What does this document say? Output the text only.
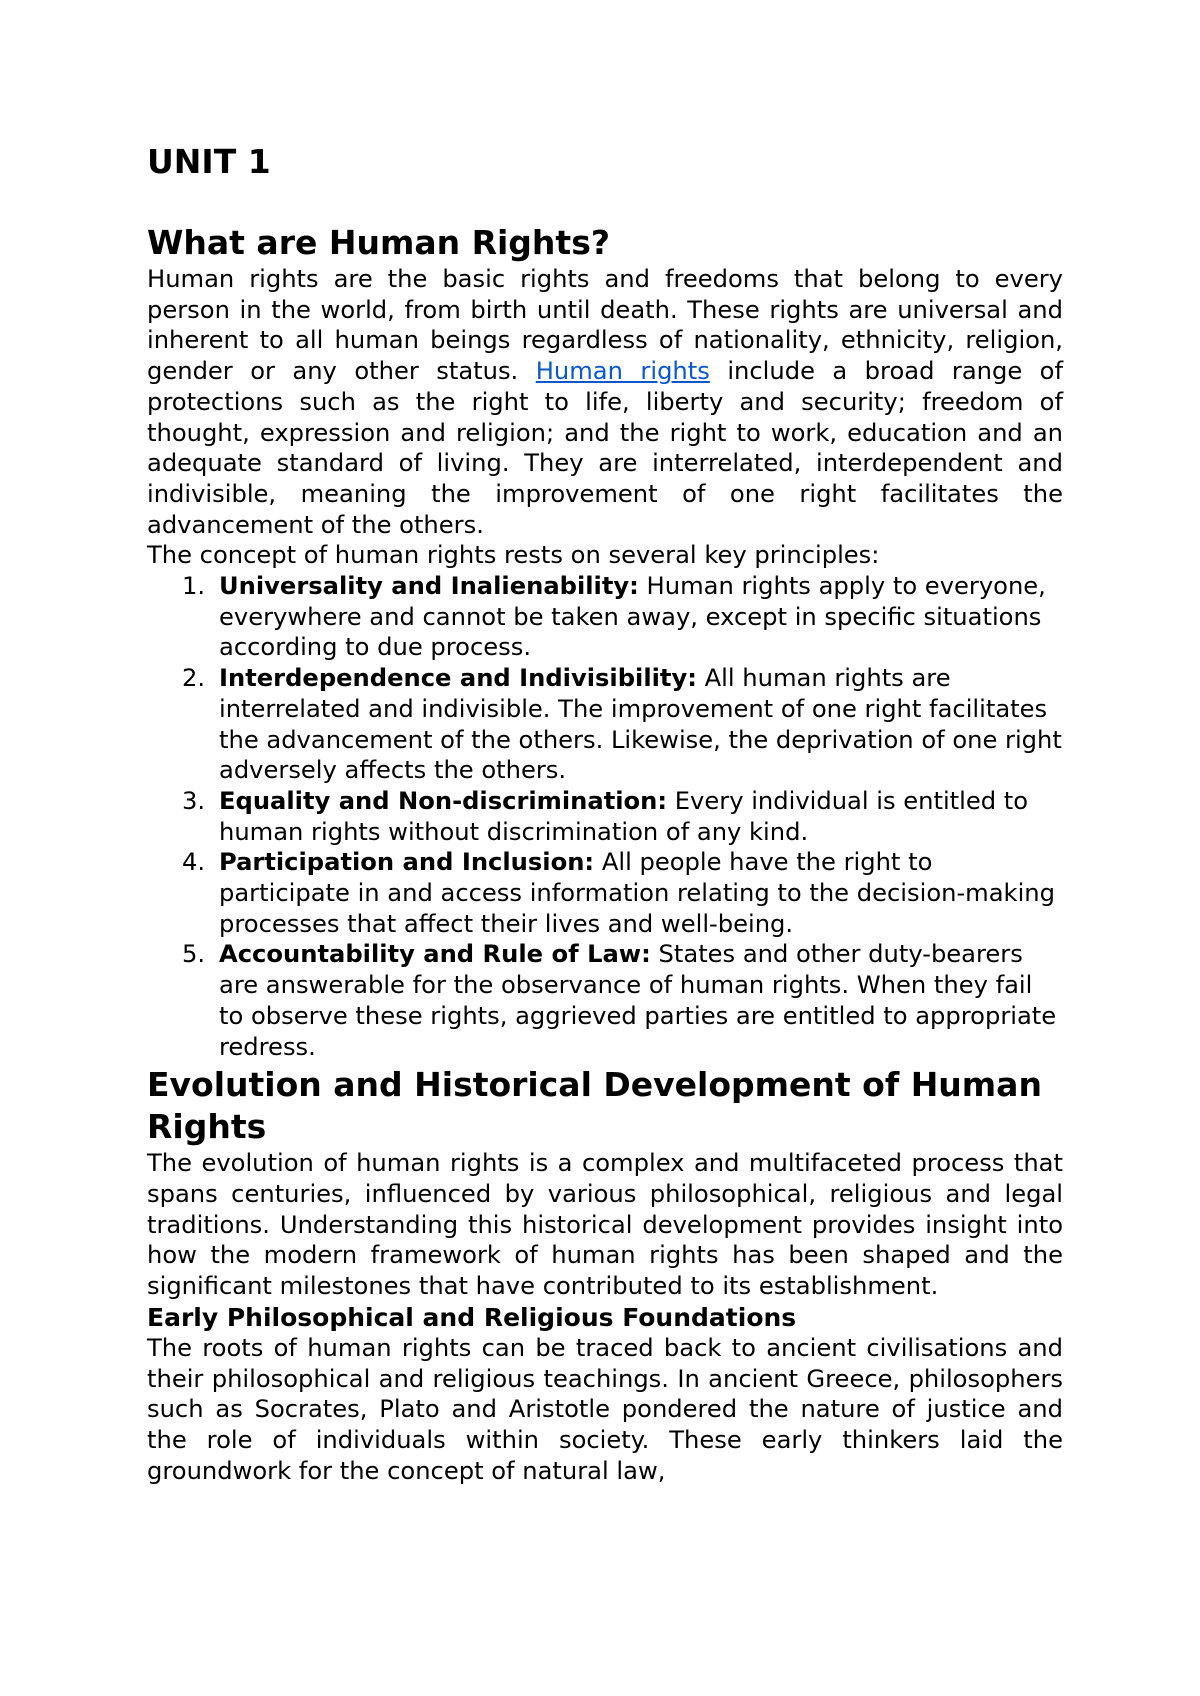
UNIT 1
What are Human Rights?

Human rights are the basic rights and freedoms that belong to every person in the world, from birth until death. These rights are universal and inherent to all human beings regardless of nationality, ethnicity, religion, gender or any other status. Human rights include a broad range of protections such as the right to life, liberty and security; freedom of thought, expression and religion; and the right to work, education and an adequate standard of living. They are interrelated, interdependent and indivisible, meaning the improvement of one right facilitates the advancement of the others.

The concept of human rights rests on several key principles:

1. Universality and Inalienability: Human rights apply to everyone, everywhere and cannot be taken away, except in specific situations according to due process.
2. Interdependence and Indivisibility: All human rights are interrelated and indivisible. The improvement of one right facilitates the advancement of the others. Likewise, the deprivation of one right adversely affects the others.
3. Equality and Non-discrimination: Every individual is entitled to human rights without discrimination of any kind.
4. Participation and Inclusion: All people have the right to participate in and access information relating to the decision-making processes that affect their lives and well-being.
5. Accountability and Rule of Law: States and other duty-bearers are answerable for the observance of human rights. When they fail to observe these rights, aggrieved parties are entitled to appropriate redress.
Evolution and Historical Development of Human Rights

The evolution of human rights is a complex and multifaceted process that spans centuries, influenced by various philosophical, religious and legal traditions. Understanding this historical development provides insight into how the modern framework of human rights has been shaped and the significant milestones that have contributed to its establishment.

Early Philosophical and Religious Foundations

The roots of human rights can be traced back to ancient civilisations and their philosophical and religious teachings. In ancient Greece, philosophers such as Socrates, Plato and Aristotle pondered the nature of justice and the role of individuals within society. These early thinkers laid the groundwork for the concept of natural law,
